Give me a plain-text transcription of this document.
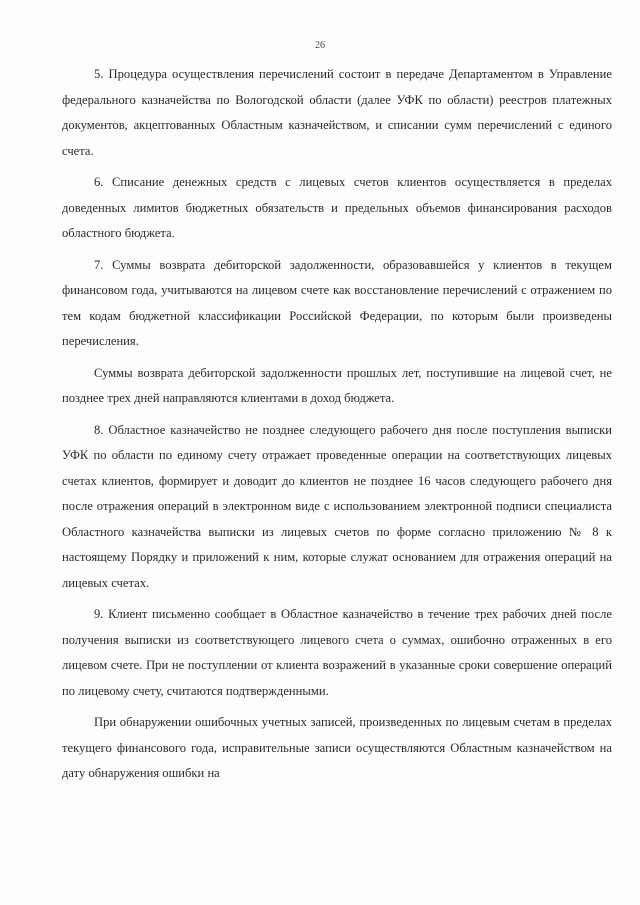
26

5. Процедура осуществления перечислений состоит в передаче Департаментом в Управление федерального казначейства по Вологодской области (далее УФК по области) реестров платежных документов, акцептованных Областным казначейством, и списании сумм перечислений с единого счета.

6. Списание денежных средств с лицевых счетов клиентов осуществляется в пределах доведенных лимитов бюджетных обязательств и предельных объемов финансирования расходов областного бюджета.

7. Суммы возврата дебиторской задолженности, образовавшейся у клиентов в текущем финансовом года, учитываются на лицевом счете как восстановление перечислений с отражением по тем кодам бюджетной классификации Российской Федерации, по которым были произведены перечисления.

Суммы возврата дебиторской задолженности прошлых лет, поступившие на лицевой счет, не позднее трех дней направляются клиентами в доход бюджета.

8. Областное казначейство не позднее следующего рабочего дня после поступления выписки УФК по области по единому счету отражает проведенные операции на соответствующих лицевых счетах клиентов, формирует и доводит до клиентов не позднее 16 часов следующего рабочего дня после отражения операций в электронном виде с использованием электронной подписи специалиста Областного казначейства выписки из лицевых счетов по форме согласно приложению № 8 к настоящему Порядку и приложений к ним, которые служат основанием для отражения операций на лицевых счетах.

9. Клиент письменно сообщает в Областное казначейство в течение трех рабочих дней после получения выписки из соответствующего лицевого счета о суммах, ошибочно отраженных в его лицевом счете. При не поступлении от клиента возражений в указанные сроки совершение операций по лицевому счету, считаются подтвержденными.

При обнаружении ошибочных учетных записей, произведенных по лицевым счетам в пределах текущего финансового года, исправительные записи осуществляются Областным казначейством на дату обнаружения ошибки на
